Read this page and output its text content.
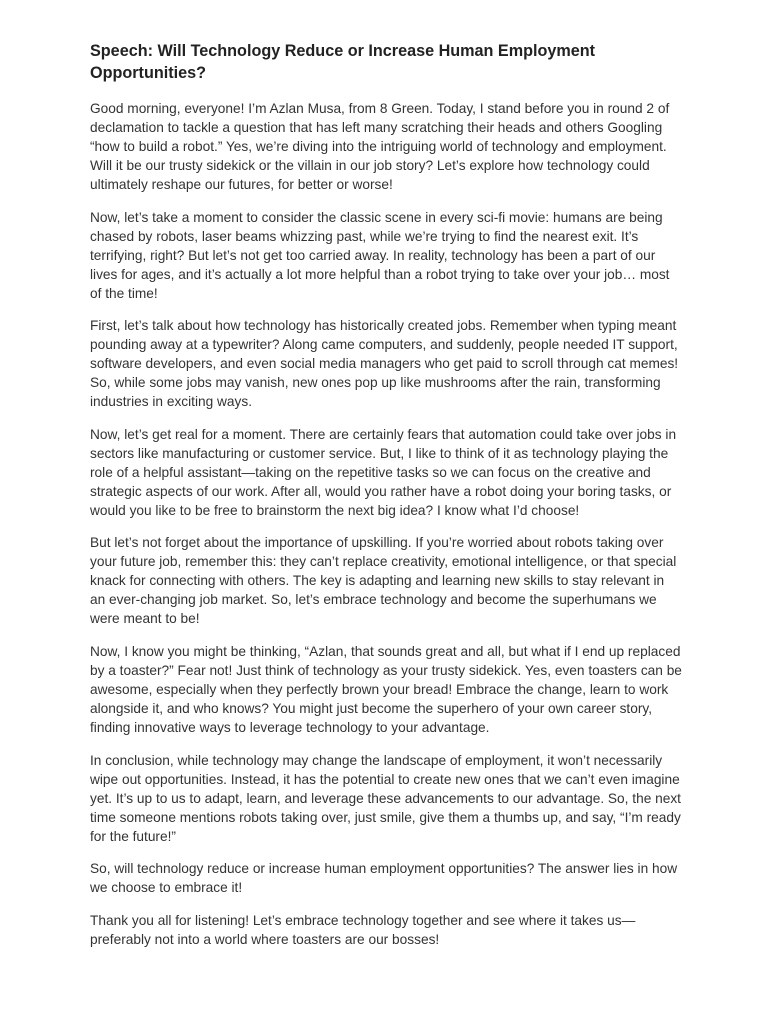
Speech: Will Technology Reduce or Increase Human Employment Opportunities?

Good morning, everyone! I’m Azlan Musa, from 8 Green. Today, I stand before you in round 2 of declamation to tackle a question that has left many scratching their heads and others Googling “how to build a robot.” Yes, we’re diving into the intriguing world of technology and employment. Will it be our trusty sidekick or the villain in our job story? Let’s explore how technology could ultimately reshape our futures, for better or worse!

Now, let’s take a moment to consider the classic scene in every sci-fi movie: humans are being chased by robots, laser beams whizzing past, while we’re trying to find the nearest exit. It’s terrifying, right? But let’s not get too carried away. In reality, technology has been a part of our lives for ages, and it’s actually a lot more helpful than a robot trying to take over your job… most of the time!

First, let’s talk about how technology has historically created jobs. Remember when typing meant pounding away at a typewriter? Along came computers, and suddenly, people needed IT support, software developers, and even social media managers who get paid to scroll through cat memes! So, while some jobs may vanish, new ones pop up like mushrooms after the rain, transforming industries in exciting ways.

Now, let’s get real for a moment. There are certainly fears that automation could take over jobs in sectors like manufacturing or customer service. But, I like to think of it as technology playing the role of a helpful assistant—taking on the repetitive tasks so we can focus on the creative and strategic aspects of our work. After all, would you rather have a robot doing your boring tasks, or would you like to be free to brainstorm the next big idea? I know what I’d choose!

But let’s not forget about the importance of upskilling. If you’re worried about robots taking over your future job, remember this: they can’t replace creativity, emotional intelligence, or that special knack for connecting with others. The key is adapting and learning new skills to stay relevant in an ever-changing job market. So, let’s embrace technology and become the superhumans we were meant to be!

Now, I know you might be thinking, “Azlan, that sounds great and all, but what if I end up replaced by a toaster?” Fear not! Just think of technology as your trusty sidekick. Yes, even toasters can be awesome, especially when they perfectly brown your bread! Embrace the change, learn to work alongside it, and who knows? You might just become the superhero of your own career story, finding innovative ways to leverage technology to your advantage.

In conclusion, while technology may change the landscape of employment, it won’t necessarily wipe out opportunities. Instead, it has the potential to create new ones that we can’t even imagine yet. It’s up to us to adapt, learn, and leverage these advancements to our advantage. So, the next time someone mentions robots taking over, just smile, give them a thumbs up, and say, “I’m ready for the future!”

So, will technology reduce or increase human employment opportunities? The answer lies in how we choose to embrace it!

Thank you all for listening! Let’s embrace technology together and see where it takes us—preferably not into a world where toasters are our bosses!
